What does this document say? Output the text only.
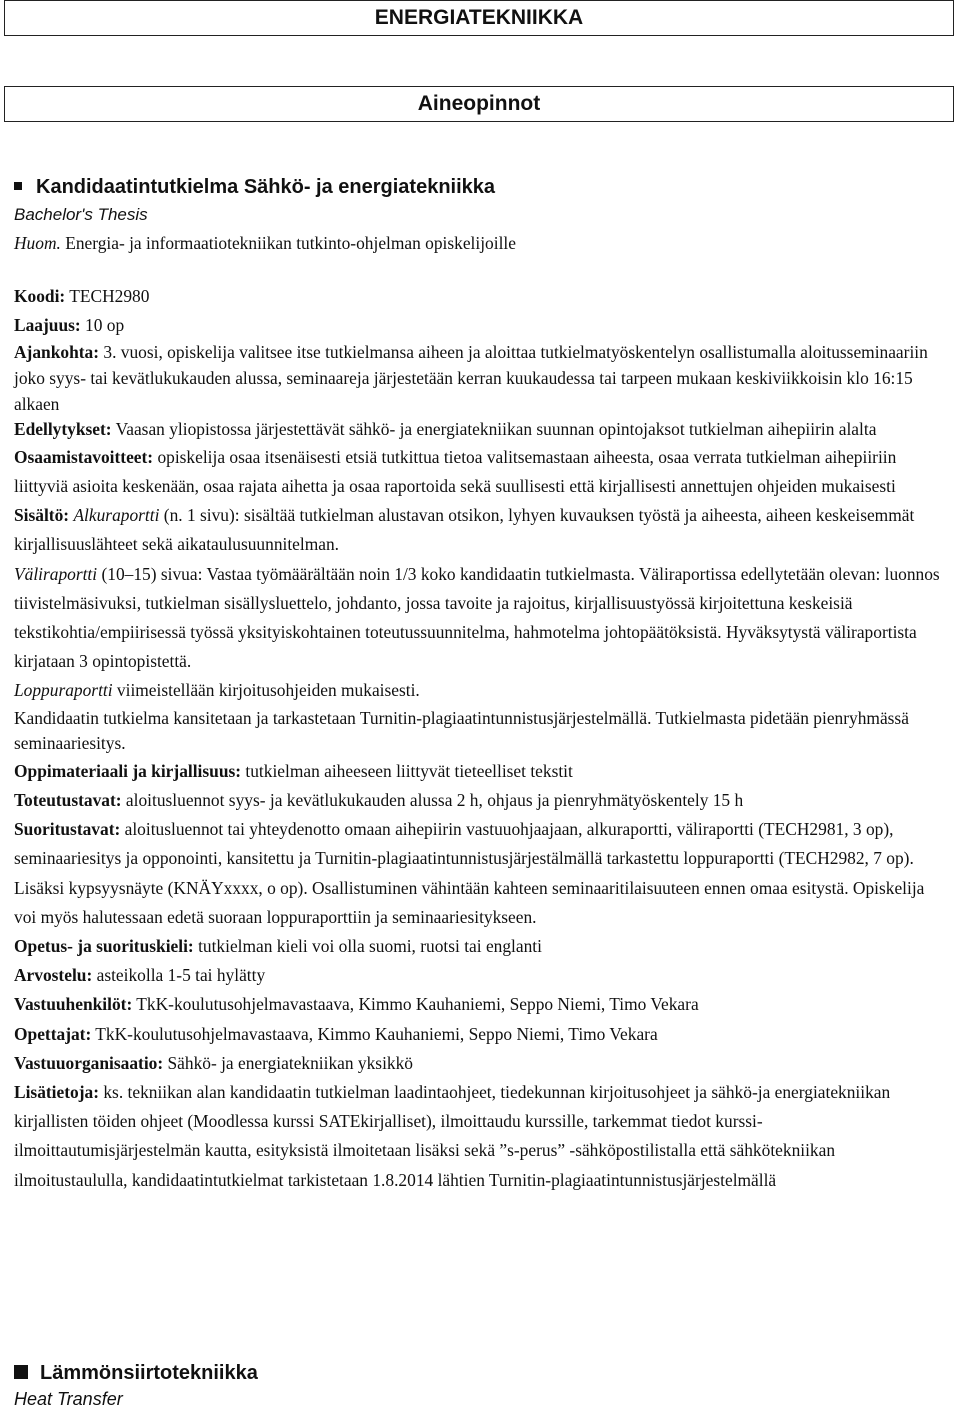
ENERGIATEKNIIKKA
Aineopinnot
Kandidaatintutkielma Sähkö- ja energiatekniikka
Bachelor's Thesis
Huom. Energia- ja informaatiotekniikan tutkinto-ohjelman opiskelijoille

Koodi: TECH2980

Laajuus: 10 op

Ajankohta: 3. vuosi, opiskelija valitsee itse tutkielmansa aiheen ja aloittaa tutkielmatyöskentelyn osallistumalla aloitusseminaariin joko syys- tai kevätlukukauden alussa, seminaareja järjestetään kerran kuukaudessa tai tarpeen mukaan keskiviikkoisin klo 16:15 alkaen

Edellytykset: Vaasan yliopistossa järjestettävät sähkö- ja energiatekniikan suunnan opintojaksot tutkielman aihepiirin alalta

Osaamistavoitteet: opiskelija osaa itsenäisesti etsiä tutkittua tietoa valitsemastaan aiheesta, osaa verrata tutkielman aihepiiriin liittyviä asioita keskenään, osaa rajata aihetta ja osaa raportoida sekä suullisesti että kirjallisesti annettujen ohjeiden mukaisesti

Sisältö: Alkuraportti (n. 1 sivu): sisältää tutkielman alustavan otsikon, lyhyen kuvauksen työstä ja aiheesta, aiheen keskeisemmät kirjallisuuslähteet sekä aikataulusuunnitelman.

Väliraportti (10–15) sivua: Vastaa työmäärältään noin 1/3 koko kandidaatin tutkielmasta. Väliraportissa edellytetään olevan: luonnos tiivistelmäsivuksi, tutkielman sisällysluettelo, johdanto, jossa tavoite ja rajoitus, kirjallisuustyössä kirjoitettuna keskeisiä tekstikohtia/empiirisessä työssä yksityiskohtainen toteutussuunnitelma, hahmotelma johtopäätöksistä. Hyväksytystä väliraportista kirjataan 3 opintopistettä.

Loppuraportti viimeistellään kirjoitusohjeiden mukaisesti.

Kandidaatin tutkielma kansitetaan ja tarkastetaan Turnitin-plagiaatintunnistusjärjestelmällä. Tutkielmasta pidetään pienryhmässä seminaariesitys.

Oppimateriaali ja kirjallisuus: tutkielman aiheeseen liittyvät tieteelliset tekstit

Toteutustavat: aloitusluennot syys- ja kevätlukukauden alussa 2 h, ohjaus ja pienryhmätyöskentely 15 h

Suoritustavat: aloitusluennot tai yhteydenotto omaan aihepiirin vastuuohjaajaan, alkuraportti, väliraportti (TECH2981, 3 op), seminaariesitys ja opponointi, kansitettu ja Turnitin-plagiaatintunnistusjärjestälmällä tarkastettu loppuraportti (TECH2982, 7 op). Lisäksi kypsyysnäyte (KNÄYxxxx, o op). Osallistuminen vähintään kahteen seminaaritilaisuuteen ennen omaa esitystä. Opiskelija voi myös halutessaan edetä suoraan loppuraporttiin ja seminaariesitykseen.

Opetus- ja suorituskieli: tutkielman kieli voi olla suomi, ruotsi tai englanti

Arvostelu: asteikolla 1-5 tai hylätty

Vastuuhenkilöt: TkK-koulutusohjelmavastaava, Kimmo Kauhaniemi, Seppo Niemi, Timo Vekara

Opettajat: TkK-koulutusohjelmavastaava, Kimmo Kauhaniemi, Seppo Niemi, Timo Vekara

Vastuuorganisaatio: Sähkö- ja energiatekniikan yksikkö

Lisätietoja: ks. tekniikan alan kandidaatin tutkielman laadintaohjeet, tiedekunnan kirjoitusohjeet ja sähkö-ja energiatekniikan kirjallisten töiden ohjeet (Moodlessa kurssi SATEkirjalliset), ilmoittaudu kurssille, tarkemmat tiedot kurssi-ilmoittautumisjärjestelmän kautta, esityksistä ilmoitetaan lisäksi sekä ”s-perus” -sähköpostilistalla että sähkötekniikan ilmoitustaululla, kandidaatintutkielmat tarkistetaan 1.8.2014 lähtien Turnitin-plagiaatintunnistusjärjestelmällä

Lämmönsiirtotekniikka
Heat Transfer
